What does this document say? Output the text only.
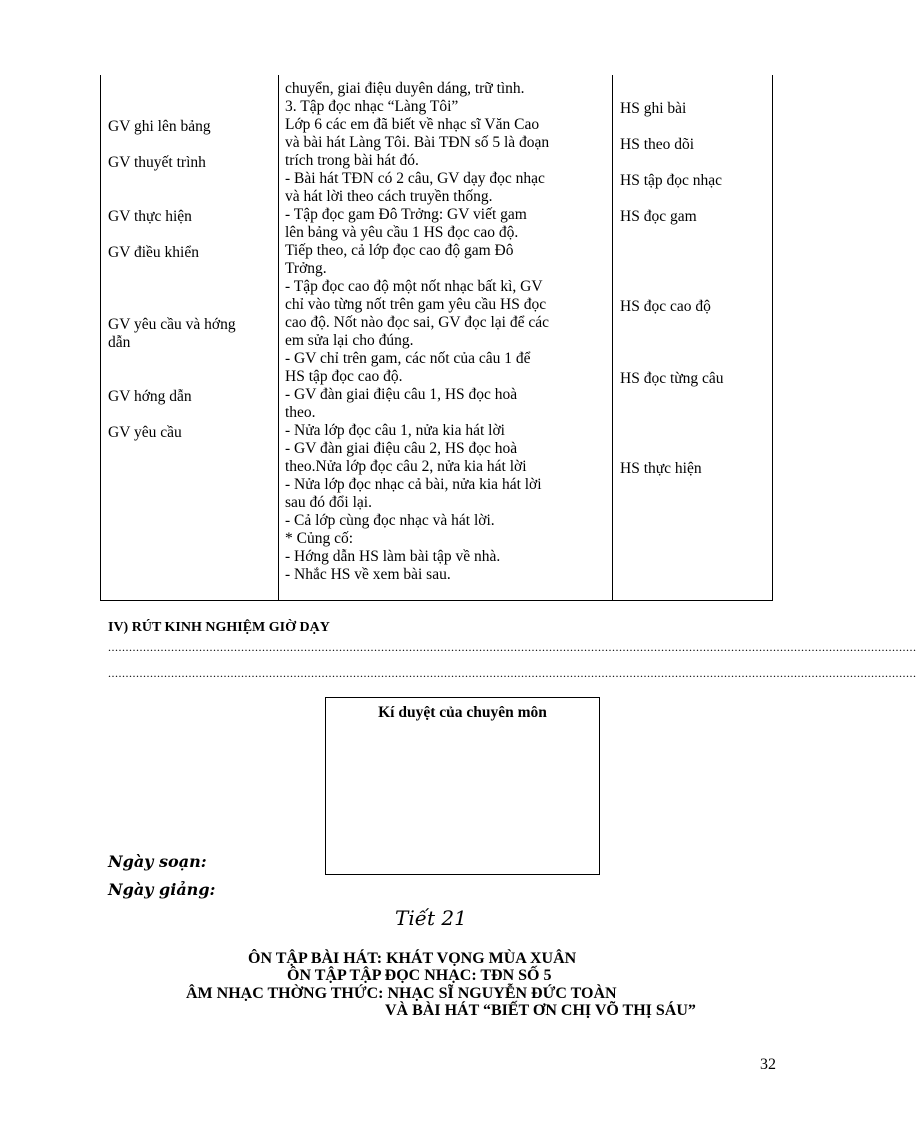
GV ghi lên bảng
GV thuyết trình
GV thực hiện
GV điều khiển
GV yêu cầu và hớng
dẫn
GV hớng dẫn
GV yêu cầu
chuyển, giai điệu duyên dáng, trữ tình.
3. Tập đọc nhạc “Làng Tôi”
Lớp 6 các em đã biết về nhạc sĩ Văn Cao
và bài hát Làng Tôi. Bài TĐN số 5 là đoạn
trích trong bài hát đó.
- Bài hát TĐN có 2 câu, GV dạy đọc nhạc
và hát lời theo cách truyền thống.
- Tập đọc gam Đô Trởng: GV viết gam
lên bảng và yêu cầu 1 HS đọc cao độ.
Tiếp theo, cả lớp đọc cao độ gam Đô
Trởng.
- Tập đọc cao độ một nốt nhạc bất kì, GV
chỉ vào từng nốt trên gam yêu cầu HS đọc
cao độ. Nốt nào đọc sai, GV đọc lại để các
em sửa lại cho đúng.
- GV chỉ trên gam, các nốt của câu 1 để
HS tập đọc cao độ.
- GV đàn giai điệu câu 1, HS đọc hoà
theo.
- Nửa lớp đọc câu 1, nửa kia hát lời
- GV đàn giai điệu câu 2, HS đọc hoà
theo.Nửa lớp đọc câu 2, nửa kia hát lời
- Nửa lớp đọc nhạc cả bài, nửa kia hát lời
sau đó đổi lại.
- Cả lớp cùng đọc nhạc và hát lời.
* Củng cố:
- Hớng dẫn HS làm bài tập về nhà.
- Nhắc HS về xem bài sau.
HS ghi bài
HS theo dõi
HS tập đọc nhạc
HS đọc gam
HS đọc cao độ
HS đọc từng câu
HS thực hiện
IV) RÚT KINH NGHIỆM GIỜ DẠY
.......................................................................................................................................................................................................................................
.......................................................................................................................................................................................................................................
Kí duyệt của chuyên môn
Ngày soạn:
Ngày giảng:
Tiết 21
ÔN TẬP BÀI HÁT: KHÁT VỌNG MÙA XUÂN
ÔN TẬP TẬP ĐỌC NHẠC: TĐN SỐ 5
ÂM NHẠC THỜNG THỨC: NHẠC SĨ NGUYỄN ĐỨC TOÀN
VÀ BÀI HÁT “BIẾT ƠN CHỊ VÕ THỊ SÁU”
32
